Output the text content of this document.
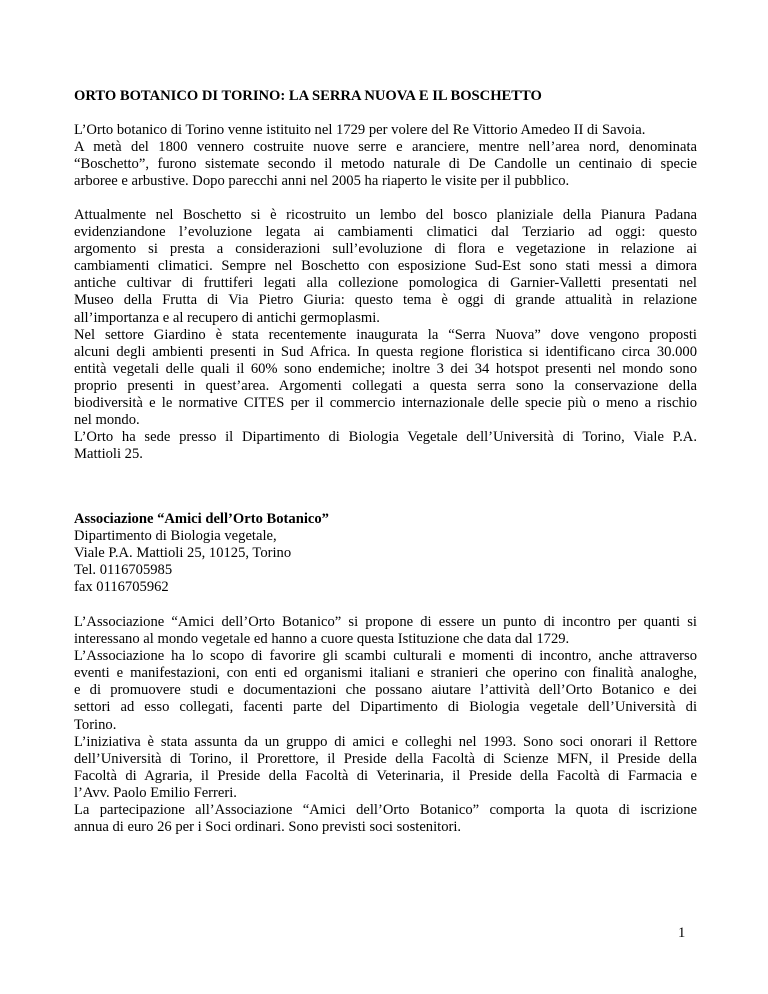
ORTO BOTANICO DI TORINO: LA SERRA NUOVA E IL BOSCHETTO
L’Orto botanico di Torino venne istituito nel 1729 per volere del Re Vittorio Amedeo II di Savoia.
A metà del 1800 vennero costruite nuove serre e aranciere, mentre nell’area nord, denominata
“Boschetto”, furono sistemate secondo il metodo naturale di De Candolle un centinaio di specie
arboree e arbustive. Dopo parecchi anni nel 2005 ha riaperto le visite per il pubblico.
Attualmente nel Boschetto si è ricostruito un lembo del bosco planiziale della Pianura Padana
evidenziandone l’evoluzione legata ai cambiamenti climatici dal Terziario ad oggi: questo
argomento si presta a considerazioni sull’evoluzione di flora e vegetazione in relazione ai
cambiamenti climatici. Sempre nel Boschetto con esposizione Sud-Est sono stati messi a dimora
antiche cultivar di fruttiferi legati alla collezione pomologica di Garnier-Valletti presentati nel
Museo della Frutta di Via Pietro Giuria: questo tema è oggi di grande attualità in relazione
all’importanza e al recupero di antichi germoplasmi.
Nel settore Giardino è stata recentemente inaugurata la “Serra Nuova” dove vengono proposti
alcuni degli ambienti presenti in Sud Africa. In questa regione floristica si identificano circa 30.000
entità vegetali delle quali il 60% sono endemiche; inoltre 3 dei 34 hotspot presenti nel mondo sono
proprio presenti in quest’area. Argomenti collegati a questa serra sono la conservazione della
biodiversità e le normative CITES per il commercio internazionale delle specie più o meno a rischio
nel mondo.
L’Orto ha sede presso il Dipartimento di Biologia Vegetale dell’Università di Torino, Viale P.A.
Mattioli 25.
Associazione “Amici dell’Orto Botanico”
Dipartimento di Biologia vegetale,
Viale P.A. Mattioli 25, 10125, Torino
Tel. 0116705985
fax 0116705962
L’Associazione “Amici dell’Orto Botanico” si propone di essere un punto di incontro per quanti si
interessano al mondo vegetale ed hanno a cuore questa Istituzione che data dal 1729.
L’Associazione ha lo scopo di favorire gli scambi culturali e momenti di incontro, anche attraverso
eventi e manifestazioni, con enti ed organismi italiani e stranieri che operino con finalità analoghe,
e di promuovere studi e documentazioni che possano aiutare l’attività dell’Orto Botanico e dei
settori ad esso collegati, facenti parte del Dipartimento di Biologia vegetale dell’Università di
Torino.
L’iniziativa è stata assunta da un gruppo di amici e colleghi nel 1993. Sono soci onorari il Rettore
dell’Università di Torino, il Prorettore, il Preside della Facoltà di Scienze MFN, il Preside della
Facoltà di Agraria, il Preside della Facoltà di Veterinaria, il Preside della Facoltà di Farmacia e
l’Avv. Paolo Emilio Ferreri.
La partecipazione all’Associazione “Amici dell’Orto Botanico” comporta la quota di iscrizione
annua di euro 26 per i Soci ordinari. Sono previsti soci sostenitori.
1
